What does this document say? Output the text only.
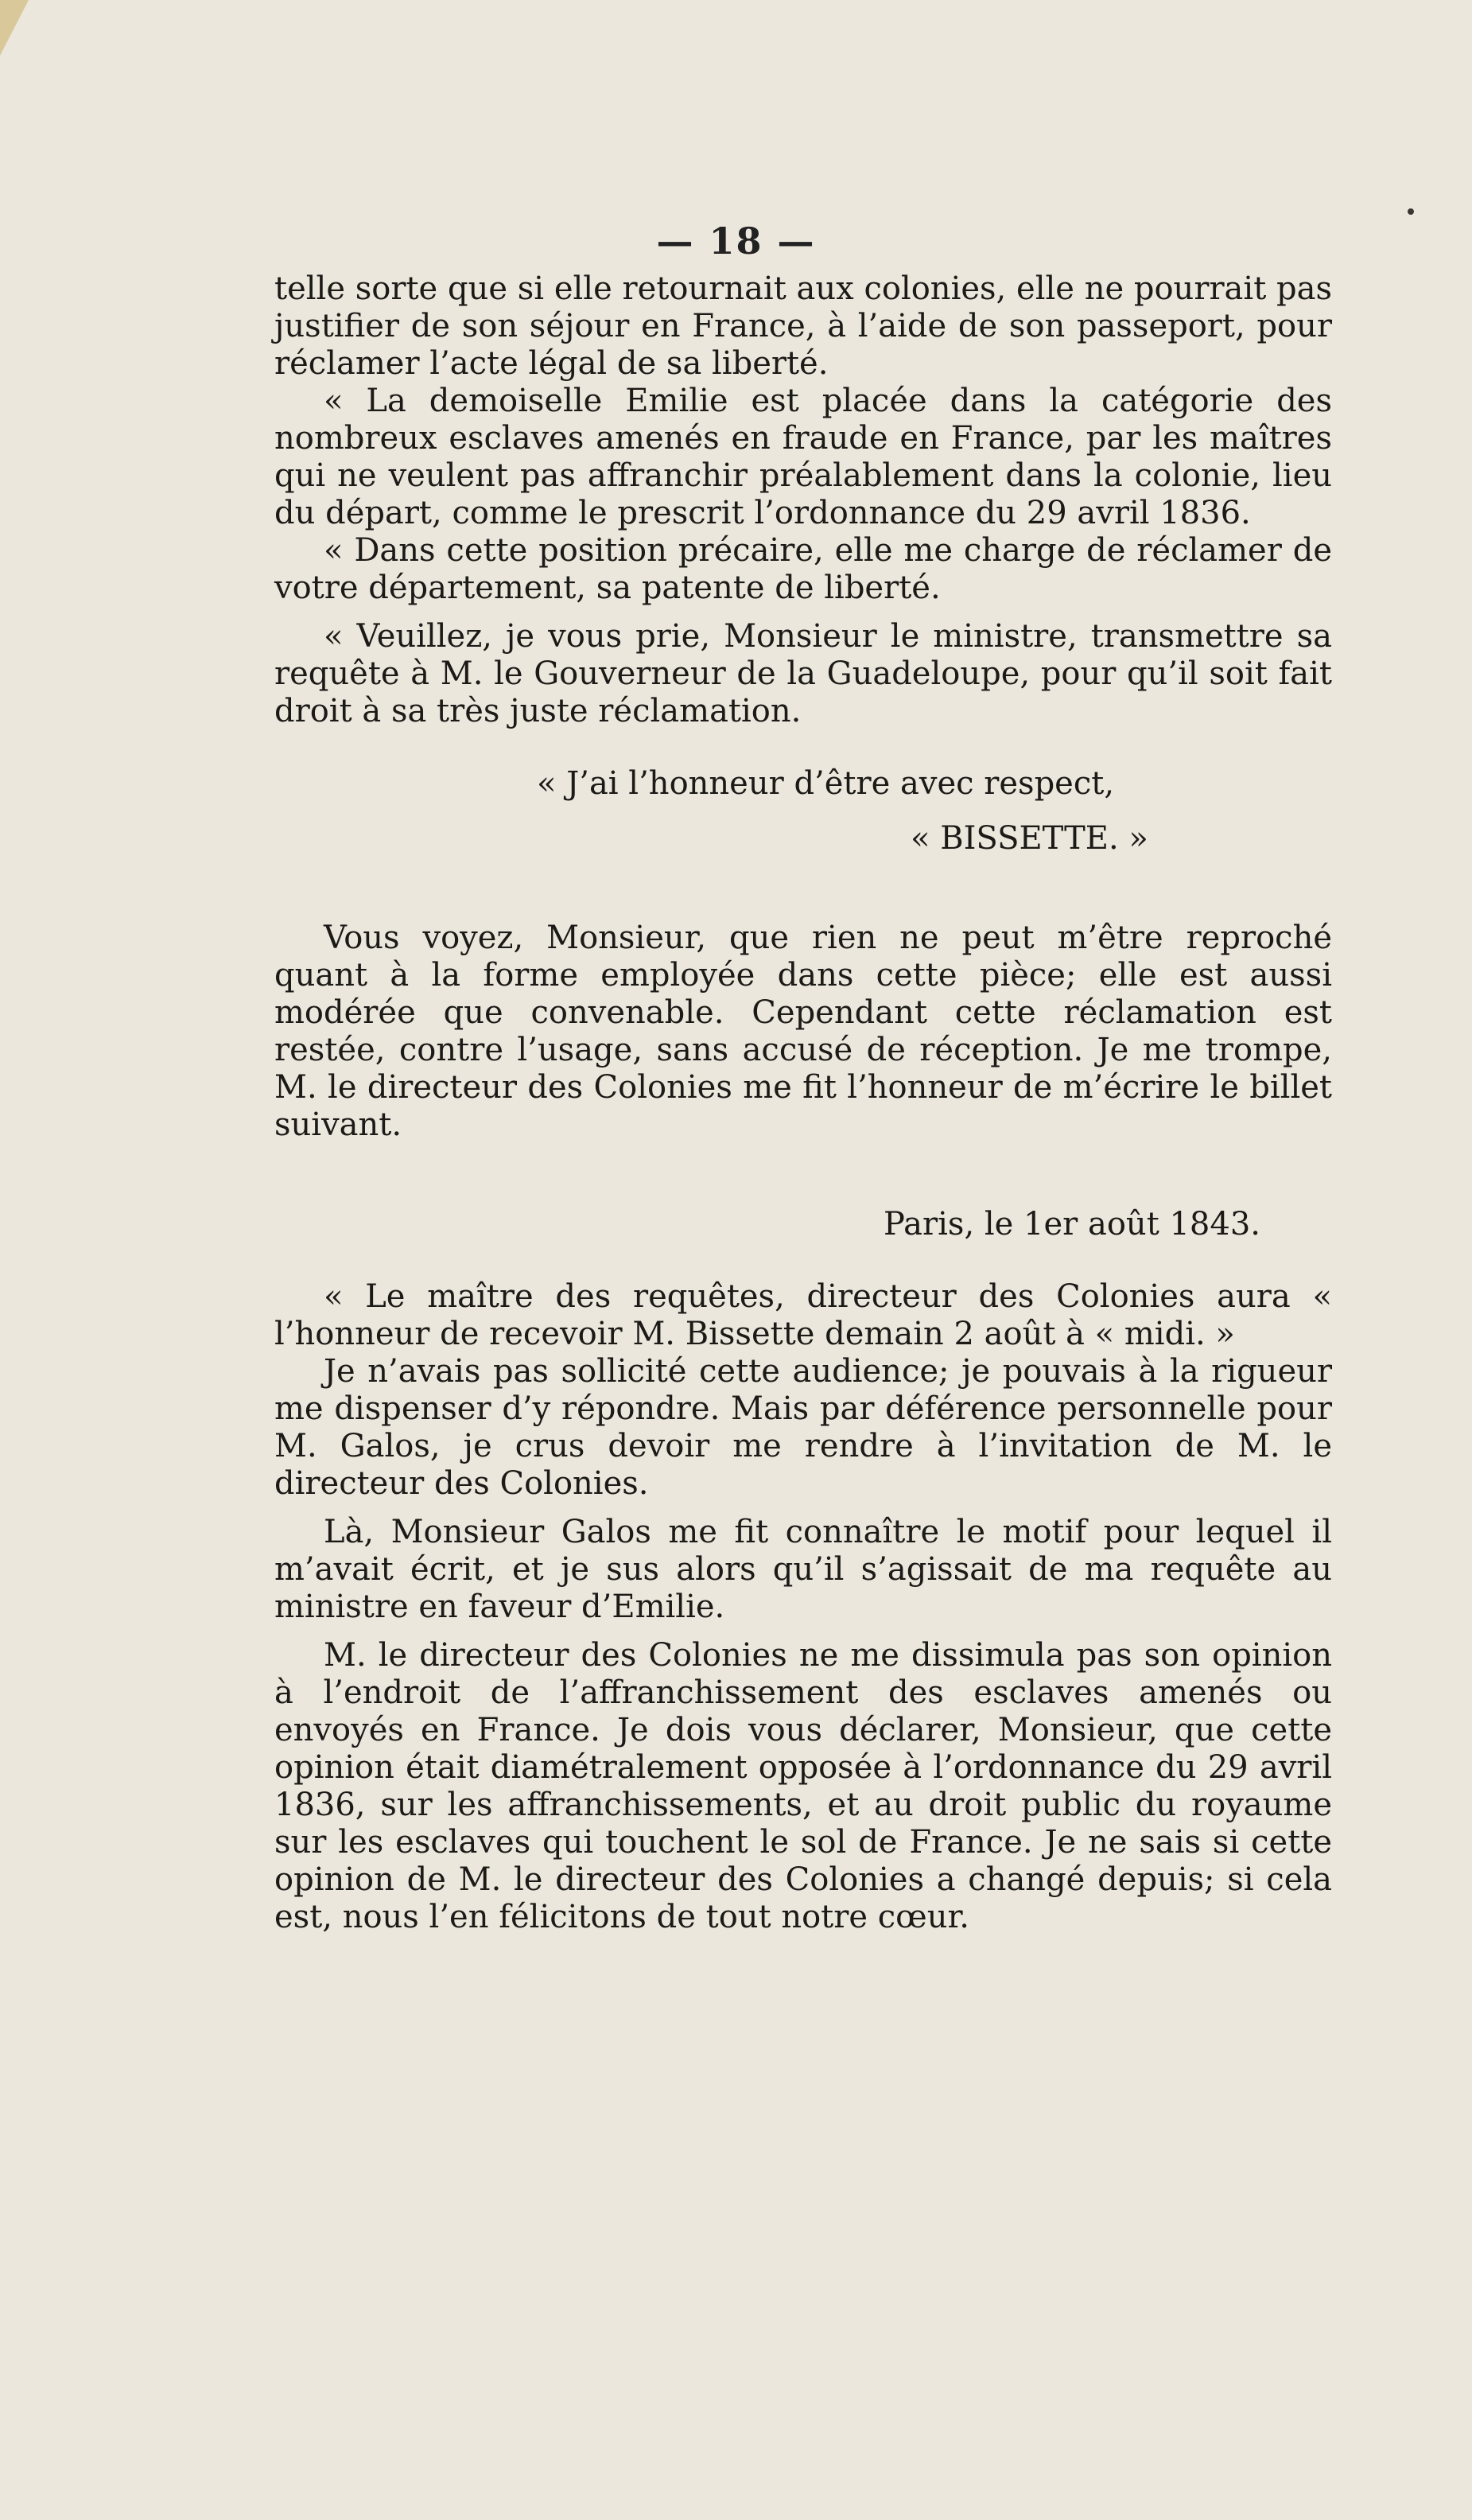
— 18 —

telle sorte que si elle retournait aux colonies, elle ne pourrait pas justifier de son séjour en France, à l’aide de son passeport, pour réclamer l’acte légal de sa liberté.

« La demoiselle Emilie est placée dans la catégorie des nombreux esclaves amenés en fraude en France, par les maîtres qui ne veulent pas affranchir préalablement dans la colonie, lieu du départ, comme le prescrit l’ordonnance du 29 avril 1836.

« Dans cette position précaire, elle me charge de réclamer de votre département, sa patente de liberté.

« Veuillez, je vous prie, Monsieur le ministre, transmettre sa requête à M. le Gouverneur de la Guadeloupe, pour qu’il soit fait droit à sa très juste réclamation.

« J’ai l’honneur d’être avec respect,

« BISSETTE. »

Vous voyez, Monsieur, que rien ne peut m’être reproché quant à la forme employée dans cette pièce; elle est aussi modérée que convenable. Cependant cette réclamation est restée, contre l’usage, sans accusé de réception. Je me trompe, M. le directeur des Colonies me fit l’honneur de m’écrire le billet suivant.

Paris, le 1er août 1843.

« Le maître des requêtes, directeur des Colonies aura « l’honneur de recevoir M. Bissette demain 2 août à « midi. »

Je n’avais pas sollicité cette audience; je pouvais à la rigueur me dispenser d’y répondre. Mais par déférence personnelle pour M. Galos, je crus devoir me rendre à l’invitation de M. le directeur des Colonies.

Là, Monsieur Galos me fit connaître le motif pour lequel il m’avait écrit, et je sus alors qu’il s’agissait de ma requête au ministre en faveur d’Emilie.

M. le directeur des Colonies ne me dissimula pas son opinion à l’endroit de l’affranchissement des esclaves amenés ou envoyés en France. Je dois vous déclarer, Monsieur, que cette opinion était diamétralement opposée à l’ordonnance du 29 avril 1836, sur les affranchissements, et au droit public du royaume sur les esclaves qui touchent le sol de France. Je ne sais si cette opinion de M. le directeur des Colonies a changé depuis; si cela est, nous l’en félicitons de tout notre cœur.
